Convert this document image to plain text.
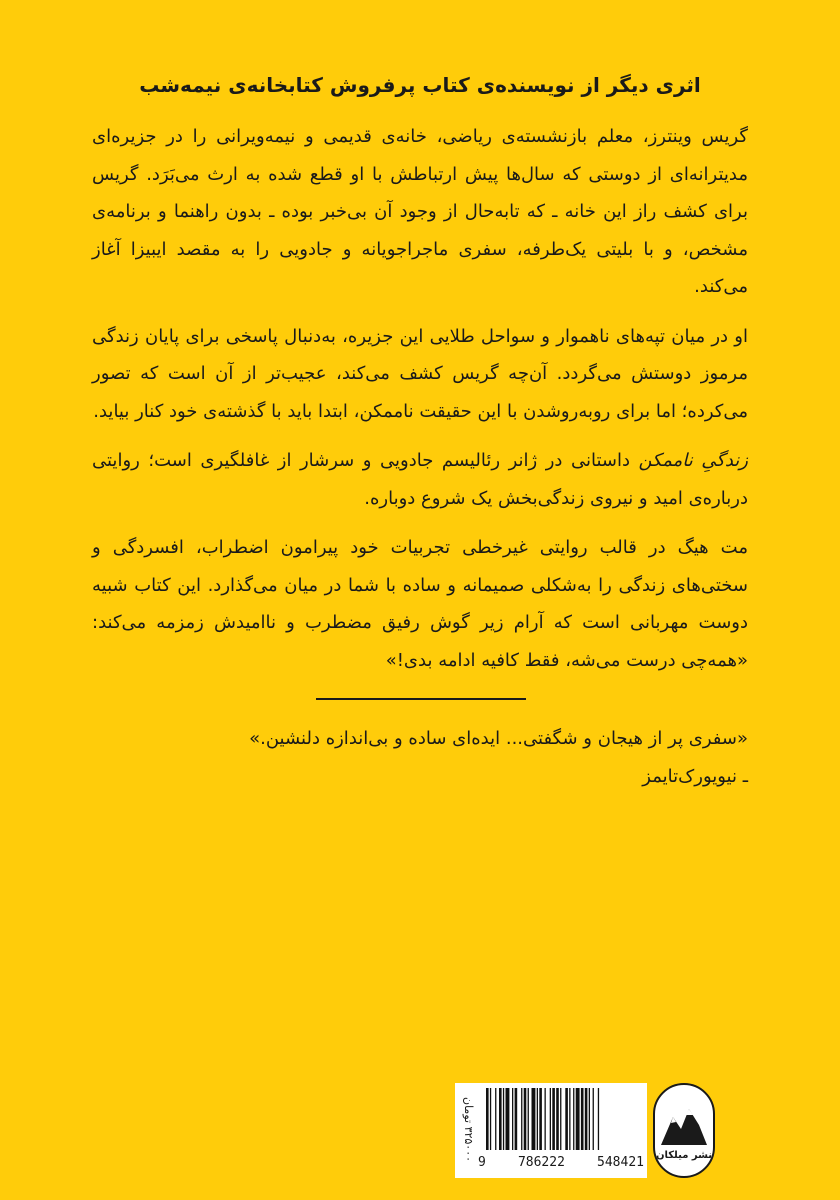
اثری دیگر از نویسنده‌ی کتاب پرفروش کتابخانه‌ی نیمه‌شب

گریس وینترز، معلم بازنشسته‌ی ریاضی، خانه‌ی قدیمی و نیمه‌ویرانی را در جزیره‌ای مدیترانه‌ای از دوستی که سال‌ها پیش ارتباطش با او قطع شده به ارث می‌بَرَد. گریس برای کشف راز این خانه ـ که تابه‌حال از وجود آن بی‌خبر بوده ـ بدون راهنما و برنامه‌ی مشخص، و با بلیتی یک‌طرفه، سفری ماجراجویانه و جادویی را به مقصد ایبیزا آغاز می‌کند.

او در میان تپه‌های ناهموار و سواحل طلایی این جزیره، به‌دنبال پاسخی برای پایان زندگی مرموز دوستش می‌گردد. آن‌چه گریس کشف می‌کند، عجیب‌تر از آن است که تصور می‌کرده؛ اما برای روبه‌روشدن با این حقیقت ناممکن، ابتدا باید با گذشته‌ی خود کنار بیاید.

زندگیِ ناممکن داستانی در ژانر رئالیسم جادویی و سرشار از غافلگیری است؛ روایتی درباره‌ی امید و نیروی زندگی‌بخش یک شروع دوباره.

مت هیگ در قالب روایتی غیرخطی تجربیات خود پیرامون اضطراب، افسردگی و سختی‌های زندگی را به‌شکلی صمیمانه و ساده با شما در میان می‌گذارد. این کتاب شبیه دوست مهربانی است که آرام زیر گوش رفیق مضطرب و ناامیدش زمزمه می‌کند: «همه‌چی درست می‌شه، فقط کافیه ادامه بدی!»

«سفری پر از هیجان و شگفتی... ایده‌ای ساده و بی‌اندازه دلنشین.»
ـ نیویورک‌تایمز
۳۲۵۰۰۰ تومان 9 786222 548421 نشر میلکان
